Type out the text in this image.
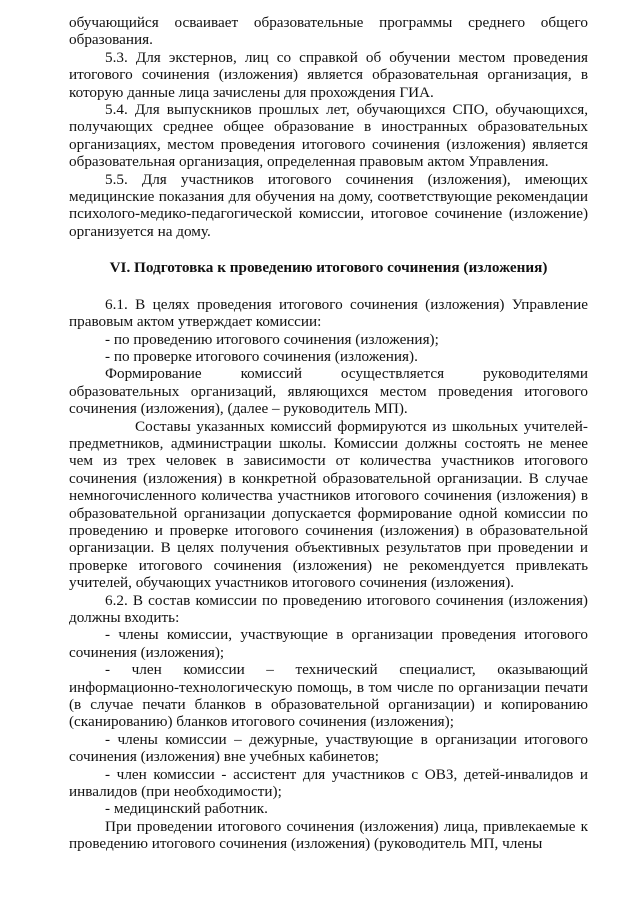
обучающийся осваивает образовательные программы среднего общего образования.

5.3. Для экстернов, лиц со справкой об обучении местом проведения итогового сочинения (изложения) является образовательная организация, в которую данные лица зачислены для прохождения ГИА.

5.4. Для выпускников прошлых лет, обучающихся СПО, обучающихся, получающих среднее общее образование в иностранных образовательных организациях, местом проведения итогового сочинения (изложения) является образовательная организация, определенная правовым актом Управления.

5.5. Для участников итогового сочинения (изложения), имеющих медицинские показания для обучения на дому, соответствующие рекомендации психолого-медико-педагогической комиссии, итоговое сочинение (изложение) организуется на дому.

VI. Подготовка к проведению итогового сочинения (изложения)

6.1. В целях проведения итогового сочинения (изложения) Управление правовым актом утверждает комиссии:

- по проведению итогового сочинения (изложения);

- по проверке итогового сочинения (изложения).

Формирование комиссий осуществляется руководителями образовательных организаций, являющихся местом проведения итогового сочинения (изложения), (далее – руководитель МП).

Составы указанных комиссий формируются из школьных учителей-предметников, администрации школы. Комиссии должны состоять не менее чем из трех человек в зависимости от количества участников итогового сочинения (изложения) в конкретной образовательной организации. В случае немногочисленного количества участников итогового сочинения (изложения) в образовательной организации допускается формирование одной комиссии по проведению и проверке итогового сочинения (изложения) в образовательной организации. В целях получения объективных результатов при проведении и проверке итогового сочинения (изложения) не рекомендуется привлекать учителей, обучающих участников итогового сочинения (изложения).

6.2. В состав комиссии по проведению итогового сочинения (изложения) должны входить:

- члены комиссии, участвующие в организации проведения итогового сочинения (изложения);

- член комиссии – технический специалист, оказывающий информационно-технологическую помощь, в том числе по организации печати (в случае печати бланков в образовательной организации) и копированию (сканированию) бланков итогового сочинения (изложения);

- члены комиссии – дежурные, участвующие в организации итогового сочинения (изложения) вне учебных кабинетов;

- член комиссии - ассистент для участников с ОВЗ, детей-инвалидов и инвалидов (при необходимости);

- медицинский работник.

При проведении итогового сочинения (изложения) лица, привлекаемые к проведению итогового сочинения (изложения) (руководитель МП, члены
